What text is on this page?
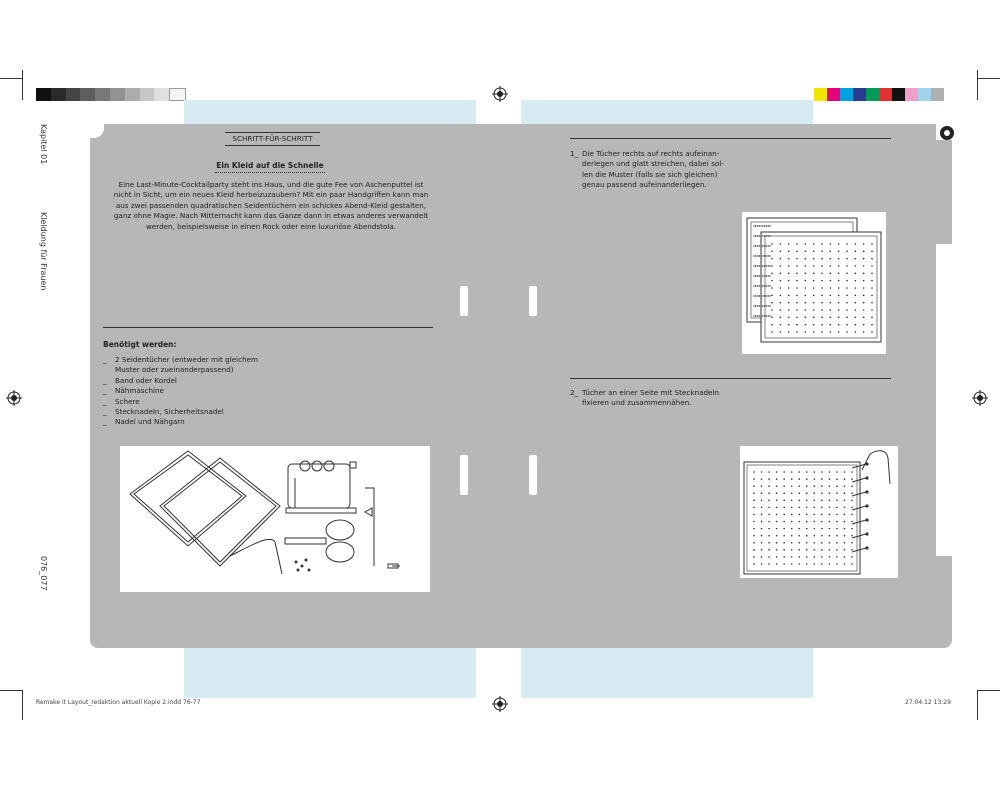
Kapitel 01
Kleidung für Frauen
076_077
SCHRITT-FÜR-SCHRITT
Ein Kleid auf die Schnelle
Eine Last-Minute-Cocktailparty steht ins Haus, und die gute Fee von Aschenputtel ist nicht in Sicht, um ein neues Kleid herbeizuzaubern? Mit ein paar Handgriffen kann man aus zwei passenden quadratischen Seidentüchern ein schickes Abend-Kleid gestalten, ganz ohne Magie. Nach Mitternacht kann das Ganze dann in etwas anderes verwandelt werden, beispielsweise in einen Rock oder eine luxuriöse Abendstola.
Benötigt werden:
_	2 Seidentücher (entweder mit gleichem Muster oder zueinanderpassend)
_	Band oder Kordel
_	Nähmaschine
_	Schere
_	Stecknadeln, Sicherheitsnadel
_	Nadel und Nähgarn
1_ Die Tücher rechts auf rechts aufeinan-derlegen und glatt streichen, dabei sol-len die Muster (falls sie sich gleichen) genau passend aufeinanderliegen.
2_ Tücher an einer Seite mit Stecknadeln fixieren und zusammennähen.
Remake it Layout_redaktion aktuell Kopie 2.indd 76-77	27.04.12 13:29
